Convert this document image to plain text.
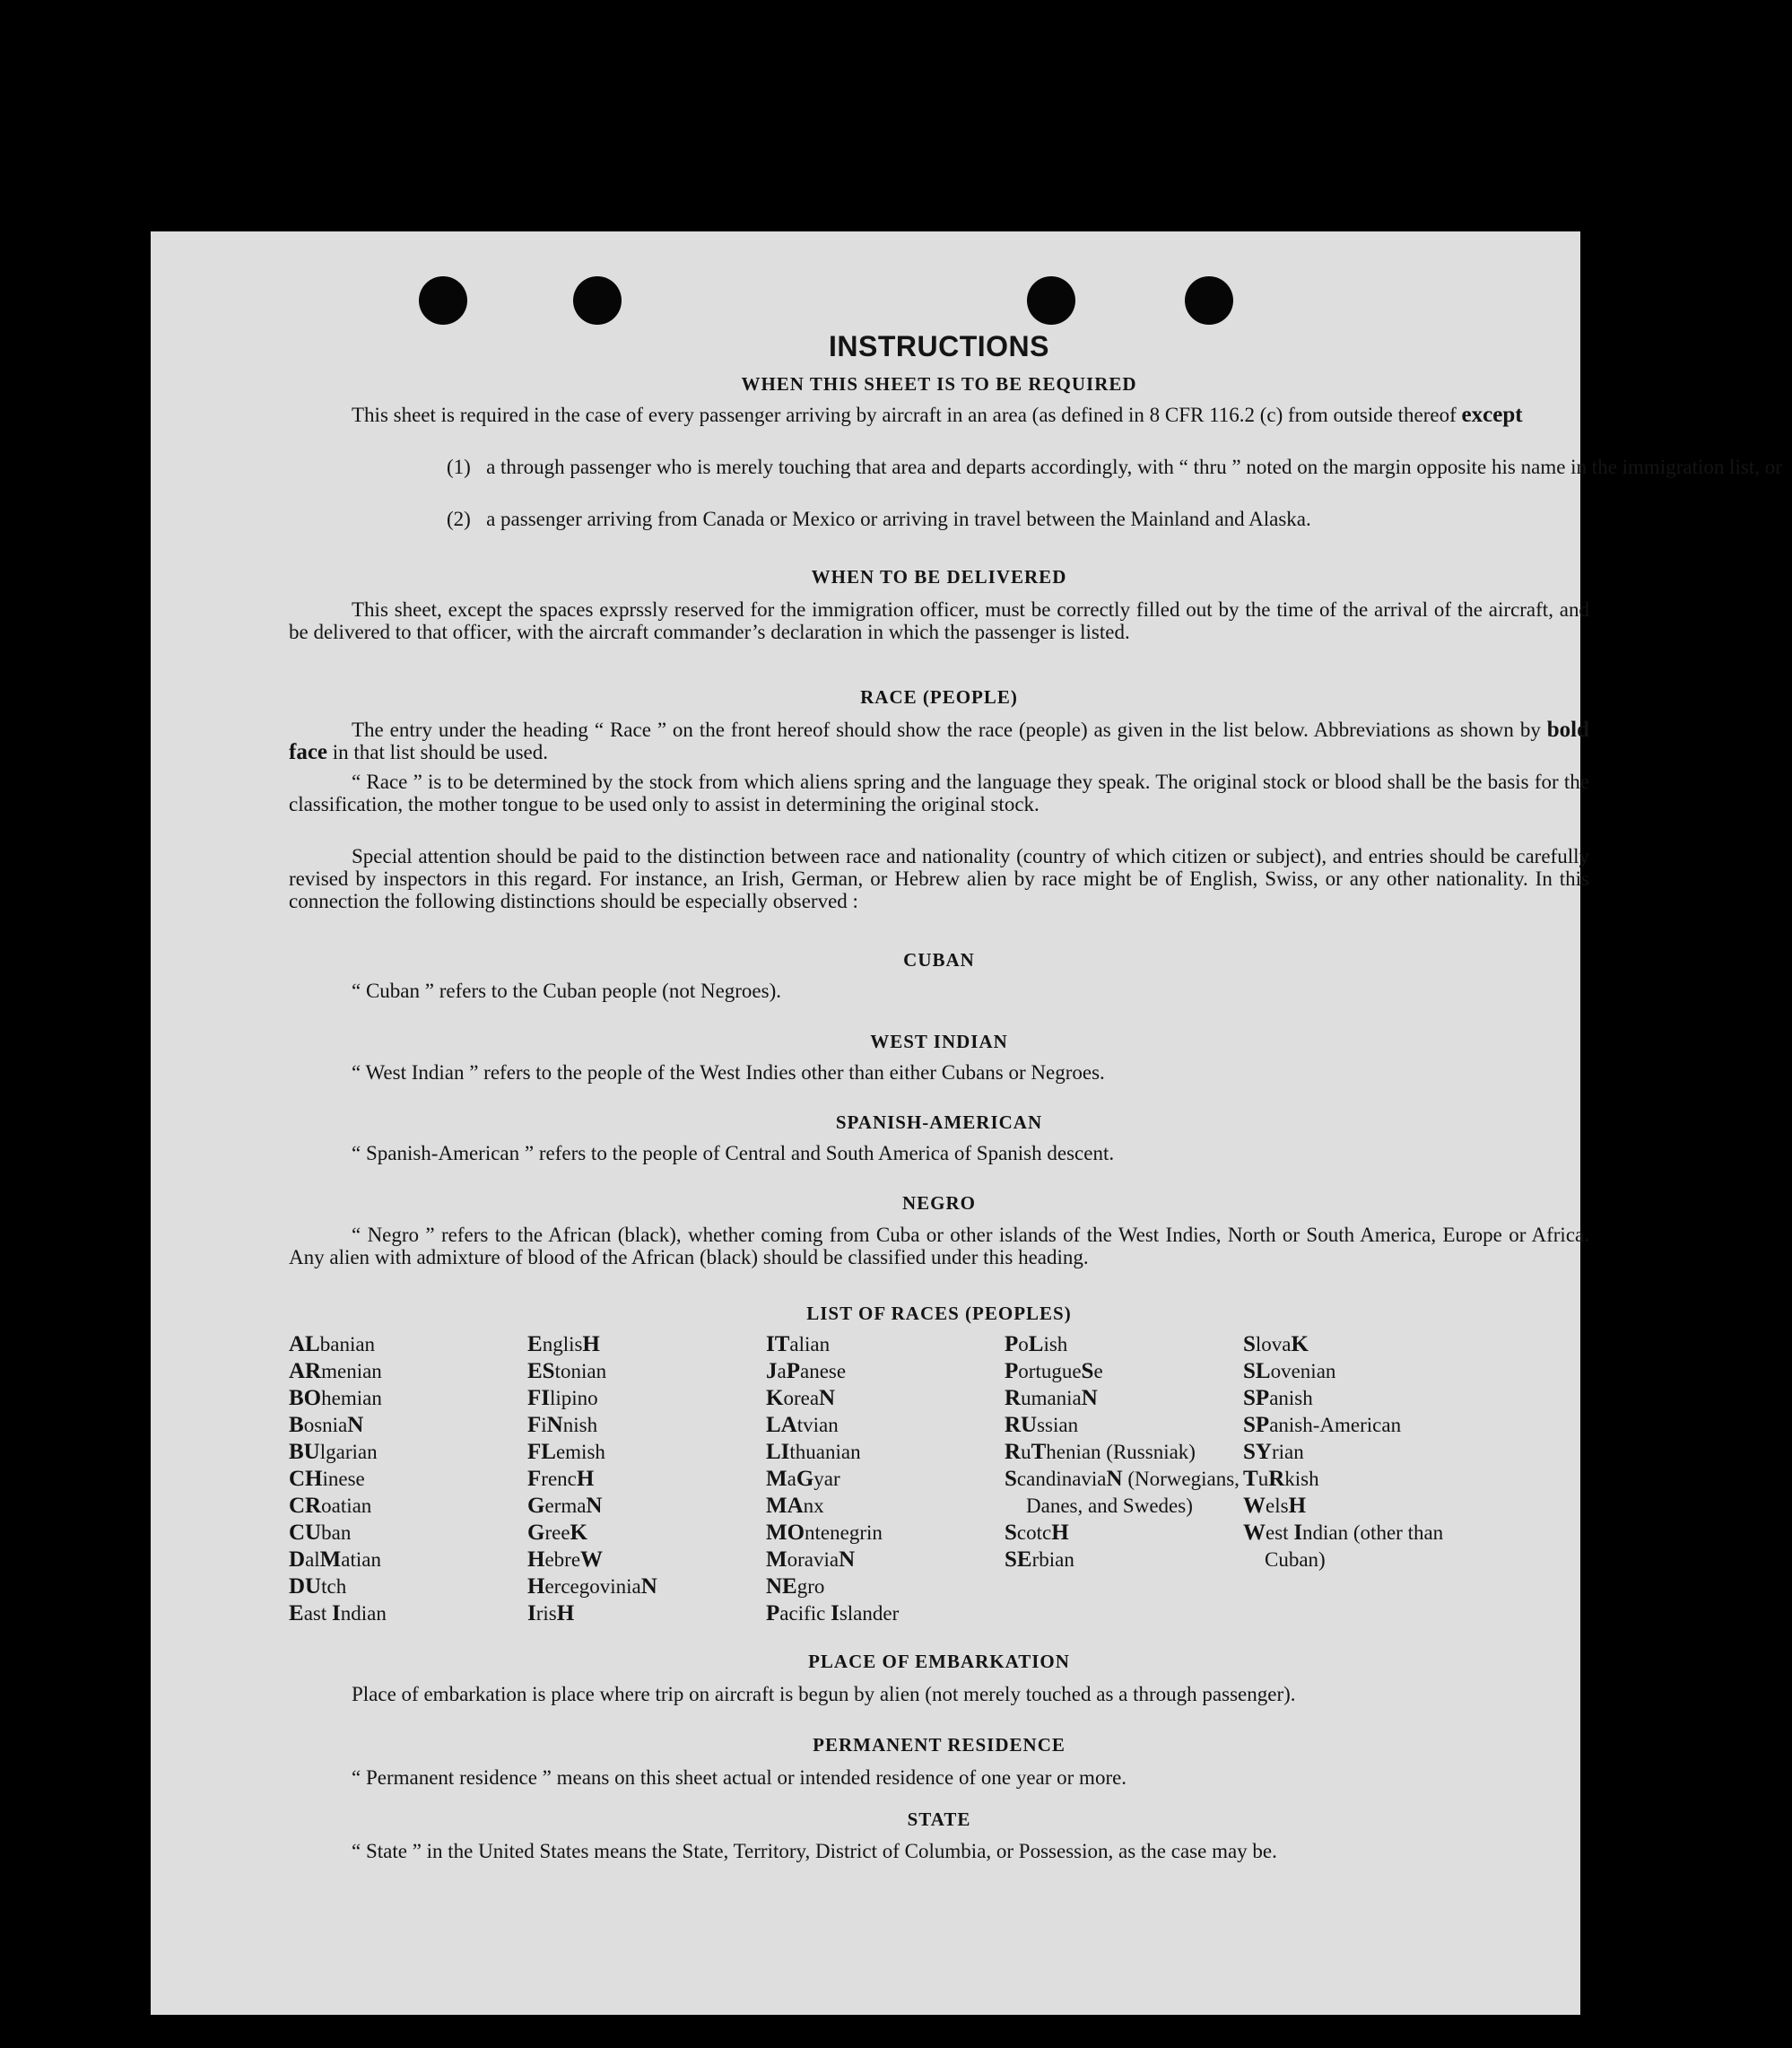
INSTRUCTIONS
WHEN THIS SHEET IS TO BE REQUIRED
This sheet is required in the case of every passenger arriving by aircraft in an area (as defined in 8 CFR 116.2 (c) from outside thereof except
(1) a through passenger who is merely touching that area and departs accordingly, with “ thru ” noted on the margin opposite his name in the immigration list, or
(2) a passenger arriving from Canada or Mexico or arriving in travel between the Mainland and Alaska.
WHEN TO BE DELIVERED
This sheet, except the spaces exprssly reserved for the immigration officer, must be correctly filled out by the time of the arrival of the aircraft, and be delivered to that officer, with the aircraft commander’s declaration in which the passenger is listed.
RACE (PEOPLE)
The entry under the heading “ Race ” on the front hereof should show the race (people) as given in the list below. Abbreviations as shown by bold face in that list should be used.
“ Race ” is to be determined by the stock from which aliens spring and the language they speak. The original stock or blood shall be the basis for the classification, the mother tongue to be used only to assist in determining the original stock.
Special attention should be paid to the distinction between race and nationality (country of which citizen or subject), and entries should be carefully revised by inspectors in this regard. For instance, an Irish, German, or Hebrew alien by race might be of English, Swiss, or any other nationality. In this connection the following distinctions should be especially observed :
CUBAN
“ Cuban ” refers to the Cuban people (not Negroes).
WEST INDIAN
“ West Indian ” refers to the people of the West Indies other than either Cubans or Negroes.
SPANISH-AMERICAN
“ Spanish-American ” refers to the people of Central and South America of Spanish descent.
NEGRO
“ Negro ” refers to the African (black), whether coming from Cuba or other islands of the West Indies, North or South America, Europe or Africa. Any alien with admixture of blood of the African (black) should be classified under this heading.
LIST OF RACES (PEOPLES)
ALbanian
ARmenian
BOhemian
BosniaN
BUlgarian
CHinese
CRoatian
CUban
DalMatian
DUtch
East Indian
EnglisH
EStonian
FIlipino
FiNnish
FLemish
FrencH
GermaN
GreeK
HebreW
HercegoviniaN
IrisH
ITalian
JaPanese
KoreaN
LAtvian
LIthuanian
MaGyar
MAnx
MOntenegrin
MoraviaN
NEgro
Pacific Islander
PoLish
PortugueSe
RumaniaN
RUssian
RuThenian (Russniak)
ScandinaviaN (Norwegians, Danes, and Swedes)
ScotcH
SErbian
SlovaK
SLovenian
SPanish
SPanish-American
SYrian
TuRkish
WelsH
West Indian (other than Cuban)
PLACE OF EMBARKATION
Place of embarkation is place where trip on aircraft is begun by alien (not merely touched as a through passenger).
PERMANENT RESIDENCE
“ Permanent residence ” means on this sheet actual or intended residence of one year or more.
STATE
“ State ” in the United States means the State, Territory, District of Columbia, or Possession, as the case may be.
